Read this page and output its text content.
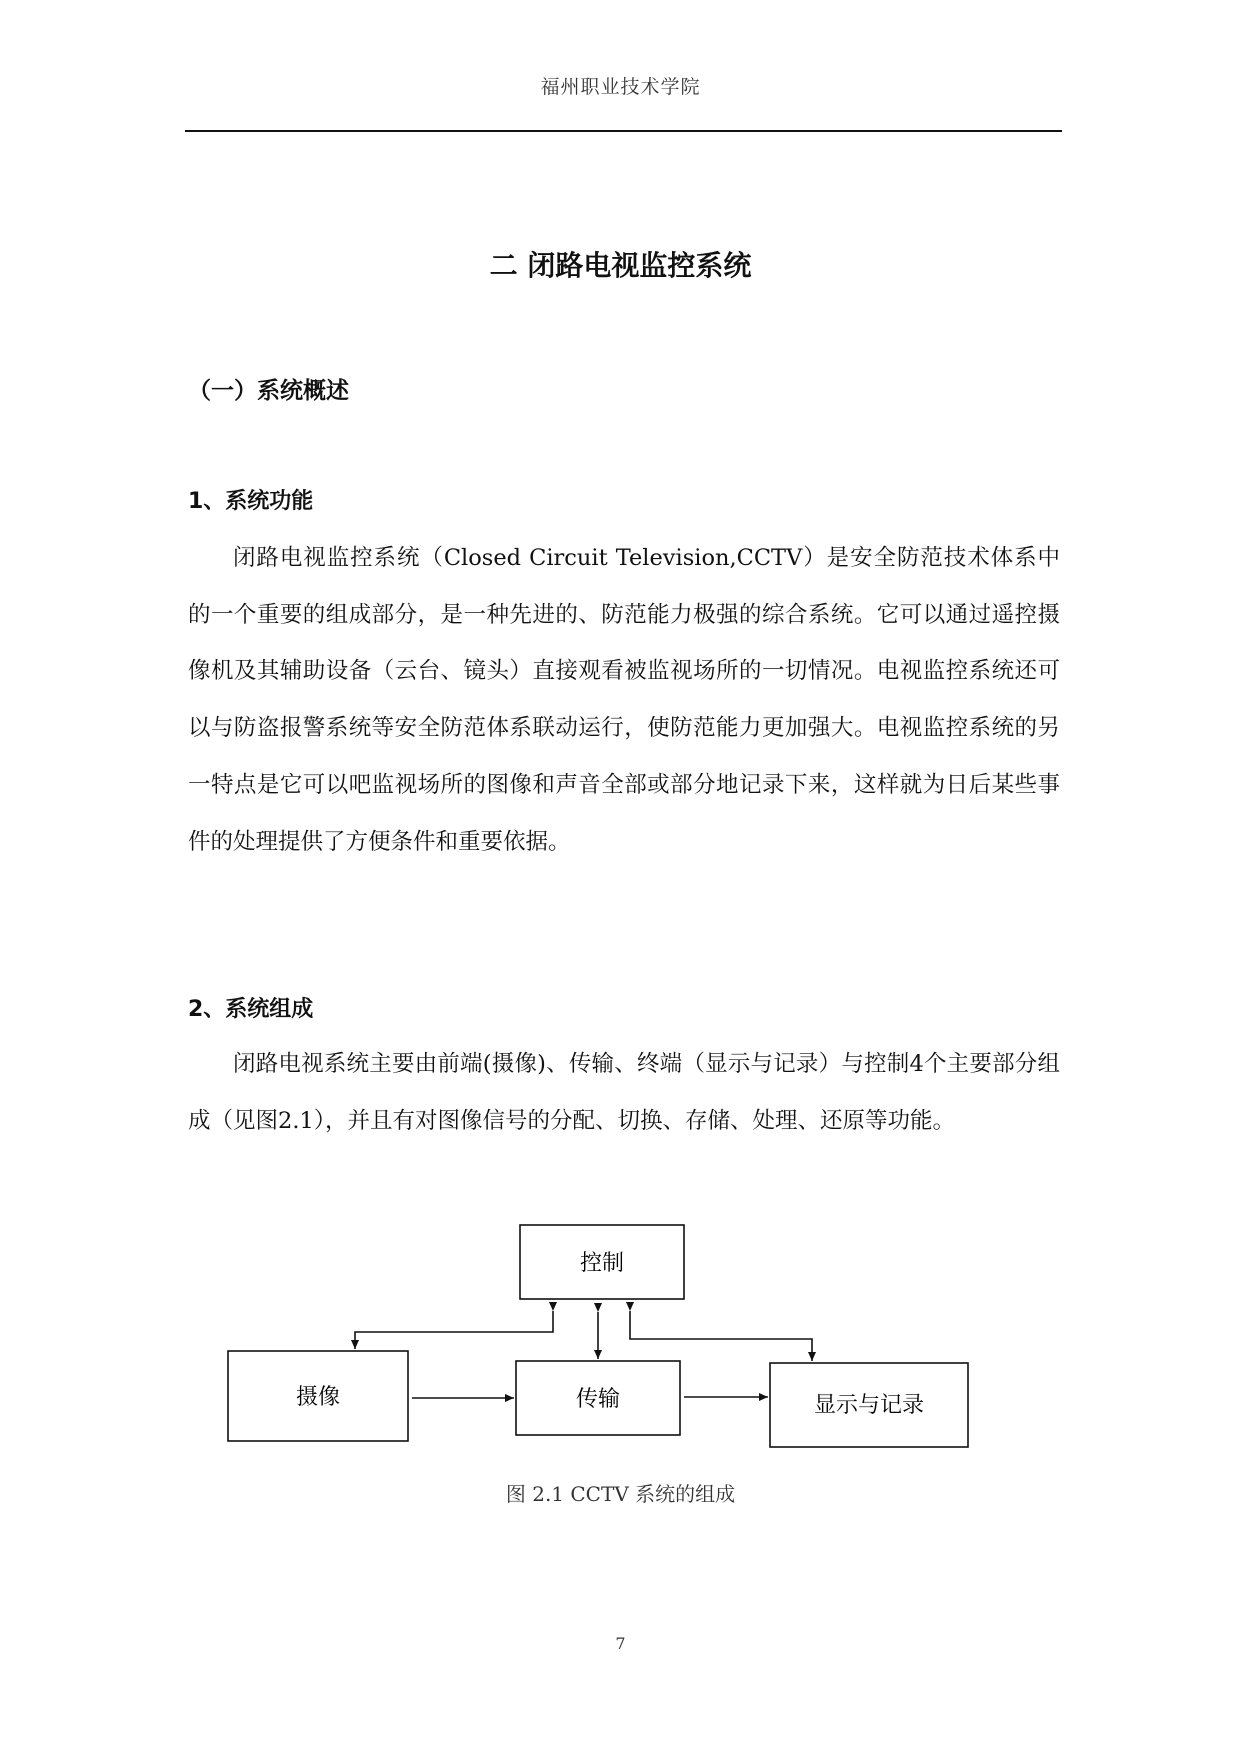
福州职业技术学院
二 闭路电视监控系统
（一）系统概述
1、系统功能

闭路电视监控系统（Closed Circuit Television,CCTV）是安全防范技术体系中的一个重要的组成部分，是一种先进的、防范能力极强的综合系统。它可以通过遥控摄像机及其辅助设备（云台、镜头）直接观看被监视场所的一切情况。电视监控系统还可以与防盗报警系统等安全防范体系联动运行，使防范能力更加强大。电视监控系统的另一特点是它可以吧监视场所的图像和声音全部或部分地记录下来，这样就为日后某些事件的处理提供了方便条件和重要依据。

2、系统组成

闭路电视系统主要由前端(摄像)、传输、终端（显示与记录）与控制4个主要部分组成（见图2.1），并且有对图像信号的分配、切换、存储、处理、还原等功能。

控制
摄像	传输	显示与记录
图 2.1 CCTV 系统的组成
7
